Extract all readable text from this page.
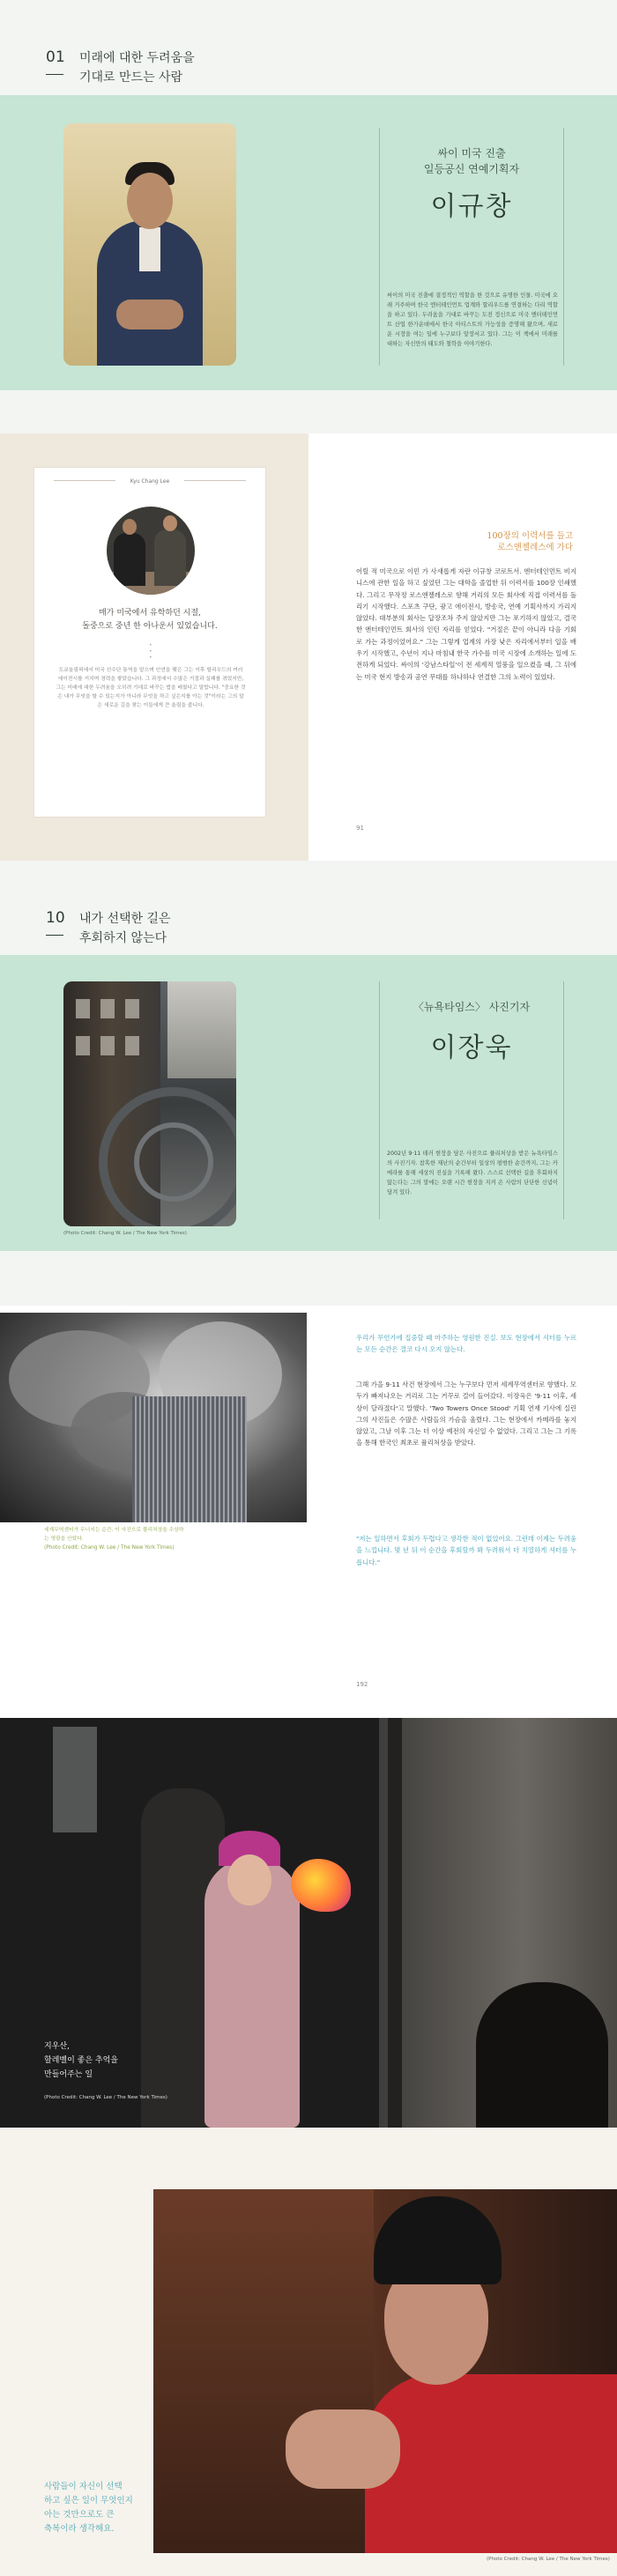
01 미래에 대한 두려움을
기대로 만드는 사람
싸이 미국 진출
일등공신 연예기획자
이규창
싸이의 미국 진출에 결정적인 역할을 한 것으로 유명한 인물. 미국에 오래 거주하며 한국 엔터테인먼트 업계와 할리우드를 연결하는 다리 역할을 하고 있다. 두려움을 기대로 바꾸는 도전 정신으로 미국 엔터테인먼트 산업 한가운데에서 한국 아티스트의 가능성을 증명해 왔으며, 새로운 시장을 여는 일에 누구보다 앞장서고 있다. 그는 이 책에서 미래를 대하는 자신만의 태도와 철학을 이야기한다.
Kyu Chang Lee
매가 미국에서 유학하던 시절,
돌중으로 중년 한 아나운서 있었습니다.
•
•
•
도쿄올림픽에서 미국 선수단 통역을 맡으며 인연을 맺은 그는 이후 할리우드의 여러 에이전시를 거치며 경력을 쌓았습니다. 그 과정에서 수많은 거절과 실패를 겪었지만, 그는 미래에 대한 두려움을 오히려 기대로 바꾸는 법을 배웠다고 말합니다. "중요한 것은 내가 무엇을 할 수 있는지가 아니라 무엇을 하고 싶은지를 아는 것"이라는 그의 말은 새로운 길을 찾는 이들에게 큰 울림을 줍니다.
100장의 이력서를 들고
로스앤젤레스에 가다
어릴 적 미국으로 이민 가 사새롭게 자란 이규창 코로트서. 엔터테인먼트 비지니스에 관한 일을 하고 싶었던 그는 대학을 졸업한 뒤 이력서를 100장 인쇄했다. 그리고 무작정 로스앤젤레스로 향해 거리의 모든 회사에 직접 이력서를 돌리기 시작했다. 스포츠 구단, 광고 에이전시, 방송국, 연예 기획사까지 가리지 않았다. 대부분의 회사는 답장조차 주지 않았지만 그는 포기하지 않았고, 결국 한 엔터테인먼트 회사의 인턴 자리를 얻었다. "거절은 끝이 아니라 다음 기회로 가는 과정이었어요." 그는 그렇게 업계의 가장 낮은 자리에서부터 일을 배우기 시작했고, 수년이 지나 마침내 한국 가수를 미국 시장에 소개하는 일에 도전하게 되었다. 싸이의 '강남스타일'이 전 세계적 열풍을 일으켰을 때, 그 뒤에는 미국 현지 방송과 공연 무대를 하나하나 연결한 그의 노력이 있었다.
91
10 내가 선택한 길은
후회하지 않는다
(Photo Credit: Chang W. Lee / The New York Times)
〈뉴욕타임스〉 사진기자
이장욱
2002년 9·11 테러 현장을 담은 사진으로 퓰리처상을 받은 뉴욕타임스의 사진기자. 참혹한 재난의 순간부터 일상의 평범한 순간까지, 그는 카메라를 통해 세상의 진실을 기록해 왔다. 스스로 선택한 길을 후회하지 않는다는 그의 말에는 오랜 시간 현장을 지켜 온 사람의 단단한 신념이 담겨 있다.
세계무역센터가 무너지는 순간. 이 사진으로 퓰리처상을 수상하는 영광을 안았다.
(Photo Credit: Chang W. Lee / The New York Times)
우리가 무언가에 집중할 때 마주하는 영원한 진실. 보도 현장에서 셔터를 누르는 모든 순간은 결코 다시 오지 않는다.
그해 가을 9·11 사건 현장에서 그는 누구보다 먼저 세계무역센터로 향했다. 모두가 빠져나오는 거리로 그는 거꾸로 걸어 들어갔다. 이장욱은 '9·11 이후, 세상이 달라졌다'고 말했다. 'Two Towers Once Stood' 기획 연재 기사에 실린 그의 사진들은 수많은 사람들의 가슴을 울렸다. 그는 현장에서 카메라를 놓지 않았고, 그날 이후 그는 더 이상 예전의 자신일 수 없었다. 그리고 그는 그 기록을 통해 한국인 최초로 퓰리처상을 받았다.
"저는 일하면서 후회가 두렵다고 생각한 적이 없었어요. 그런데 이제는 두려움을 느낍니다. 몇 년 뒤 이 순간을 후회할까 봐 두려워서 더 치열하게 셔터를 누릅니다."
192
지우산,
할레벨이 좋은 추억을
만들어주는 일
(Photo Credit: Chang W. Lee / The New York Times)
사람들이 자신이 선택
하고 싶은 일이 무엇인지
아는 것만으로도 큰
축복이라 생각해요.
(Photo Credit: Chang W. Lee / The New York Times)
